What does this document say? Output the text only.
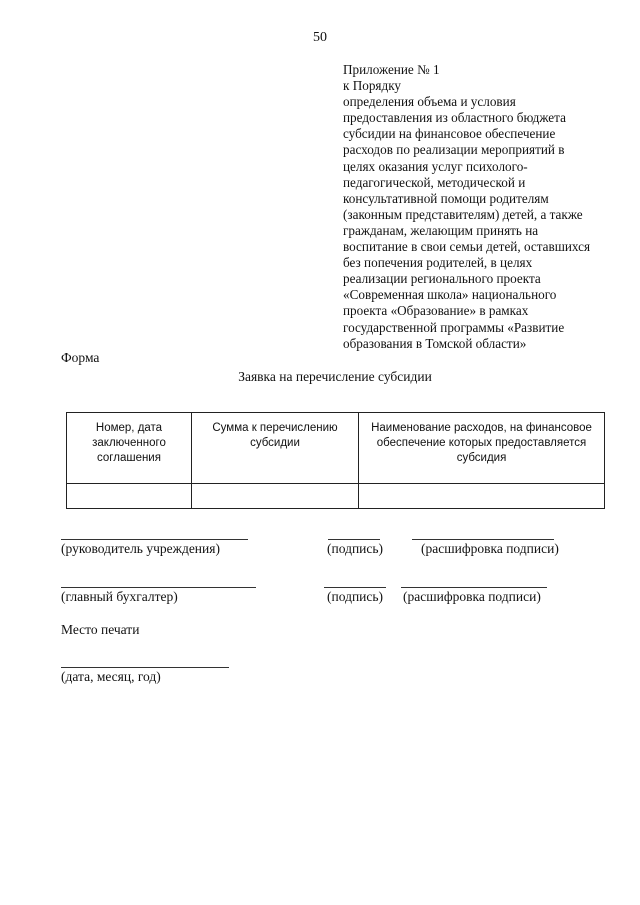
50
Приложение № 1
к Порядку
определения объема и условия
предоставления из областного бюджета
субсидии на финансовое обеспечение
расходов по реализации мероприятий в
целях оказания услуг психолого-
педагогической, методической и
консультативной помощи родителям
(законным представителям) детей, а также
гражданам, желающим принять на
воспитание в свои семьи детей, оставшихся
без попечения родителей, в целях
реализации регионального проекта
«Современная школа» национального
проекта «Образование» в рамках
государственной программы «Развитие
образования в Томской области»
Форма
Заявка на перечисление субсидии
Номер, дата заключенного соглашения	Сумма к перечислению субсидии	Наименование расходов, на финансовое обеспечение которых предоставляется субсидия

(руководитель учреждения)	(подпись)	(расшифровка подписи)
(главный бухгалтер)	(подпись) (расшифровка подписи)
Место печати
(дата, месяц, год)
